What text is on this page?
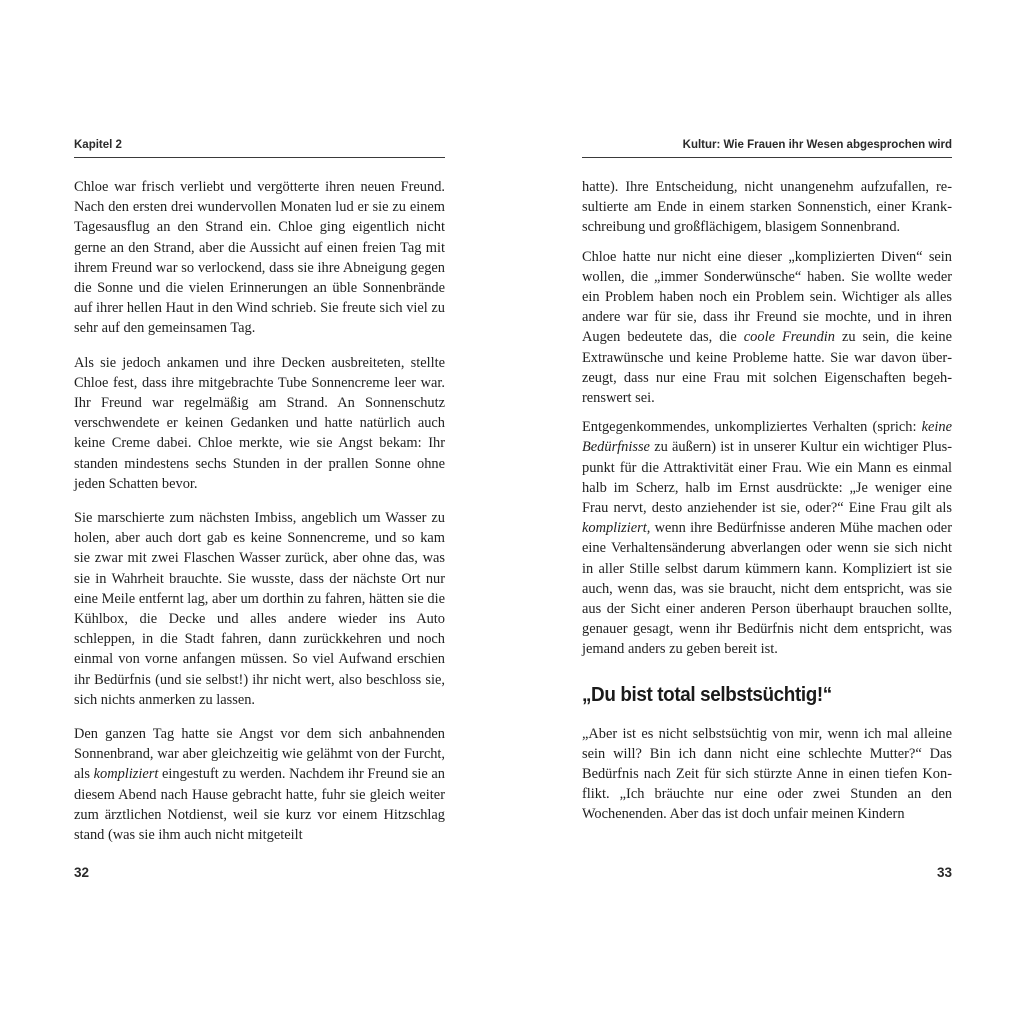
Kapitel 2

Chloe war frisch verliebt und vergötterte ihren neuen Freund. Nach den ersten drei wundervollen Monaten lud er sie zu einem Tagesausflug an den Strand ein. Chloe ging eigentlich nicht gerne an den Strand, aber die Aussicht auf einen freien Tag mit ihrem Freund war so verlockend, dass sie ihre Abneigung gegen die Sonne und die vielen Erinnerungen an üble Sonnenbrände auf ihrer hellen Haut in den Wind schrieb. Sie freute sich viel zu sehr auf den gemeinsamen Tag.

Als sie jedoch ankamen und ihre Decken ausbreiteten, stellte Chloe fest, dass ihre mitgebrachte Tube Sonnencreme leer war. Ihr Freund war regelmäßig am Strand. An Sonnenschutz verschwendete er keinen Gedanken und hatte natürlich auch keine Creme dabei. Chloe merkte, wie sie Angst bekam: Ihr standen mindestens sechs Stunden in der prallen Sonne ohne jeden Schatten bevor.

Sie marschierte zum nächsten Imbiss, angeblich um Wasser zu holen, aber auch dort gab es keine Sonnencreme, und so kam sie zwar mit zwei Flaschen Wasser zurück, aber ohne das, was sie in Wahrheit brauchte. Sie wusste, dass der nächste Ort nur eine Meile entfernt lag, aber um dorthin zu fahren, hätten sie die Kühlbox, die Decke und alles andere wieder ins Auto schleppen, in die Stadt fahren, dann zurückkehren und noch einmal von vorne anfangen müssen. So viel Aufwand erschien ihr Bedürfnis (und sie selbst!) ihr nicht wert, also beschloss sie, sich nichts anmerken zu lassen.

Den ganzen Tag hatte sie Angst vor dem sich anbahnenden Sonnenbrand, war aber gleichzeitig wie gelähmt von der Furcht, als kompliziert eingestuft zu werden. Nachdem ihr Freund sie an diesem Abend nach Hause gebracht hatte, fuhr sie gleich weiter zum ärztlichen Notdienst, weil sie kurz vor einem Hitzschlag stand (was sie ihm auch nicht mitgeteilt

32
Kultur: Wie Frauen ihr Wesen abgesprochen wird

hatte). Ihre Entscheidung, nicht unangenehm aufzufallen, resultierte am Ende in einem starken Sonnenstich, einer Krankschreibung und großflächigem, blasigem Sonnenbrand.

Chloe hatte nur nicht eine dieser „komplizierten Diven“ sein wollen, die „immer Sonderwünsche“ haben. Sie wollte weder ein Problem haben noch ein Problem sein. Wichtiger als alles andere war für sie, dass ihr Freund sie mochte, und in ihren Augen bedeutete das, die coole Freundin zu sein, die keine Extrawünsche und keine Probleme hatte. Sie war davon überzeugt, dass nur eine Frau mit solchen Eigenschaften begehrenswert sei.

Entgegenkommendes, unkompliziertes Verhalten (sprich: keine Bedürfnisse zu äußern) ist in unserer Kultur ein wichtiger Pluspunkt für die Attraktivität einer Frau. Wie ein Mann es einmal halb im Scherz, halb im Ernst ausdrückte: „Je weniger eine Frau nervt, desto anziehender ist sie, oder?“ Eine Frau gilt als kompliziert, wenn ihre Bedürfnisse anderen Mühe machen oder eine Verhaltensänderung abverlangen oder wenn sie sich nicht in aller Stille selbst darum kümmern kann. Kompliziert ist sie auch, wenn das, was sie braucht, nicht dem entspricht, was sie aus der Sicht einer anderen Person überhaupt brauchen sollte, genauer gesagt, wenn ihr Bedürfnis nicht dem entspricht, was jemand anders zu geben bereit ist.

„Du bist total selbstsüchtig!“

„Aber ist es nicht selbstsüchtig von mir, wenn ich mal alleine sein will? Bin ich dann nicht eine schlechte Mutter?“ Das Bedürfnis nach Zeit für sich stürzte Anne in einen tiefen Konflikt. „Ich bräuchte nur eine oder zwei Stunden an den Wochenenden. Aber das ist doch unfair meinen Kindern

33
